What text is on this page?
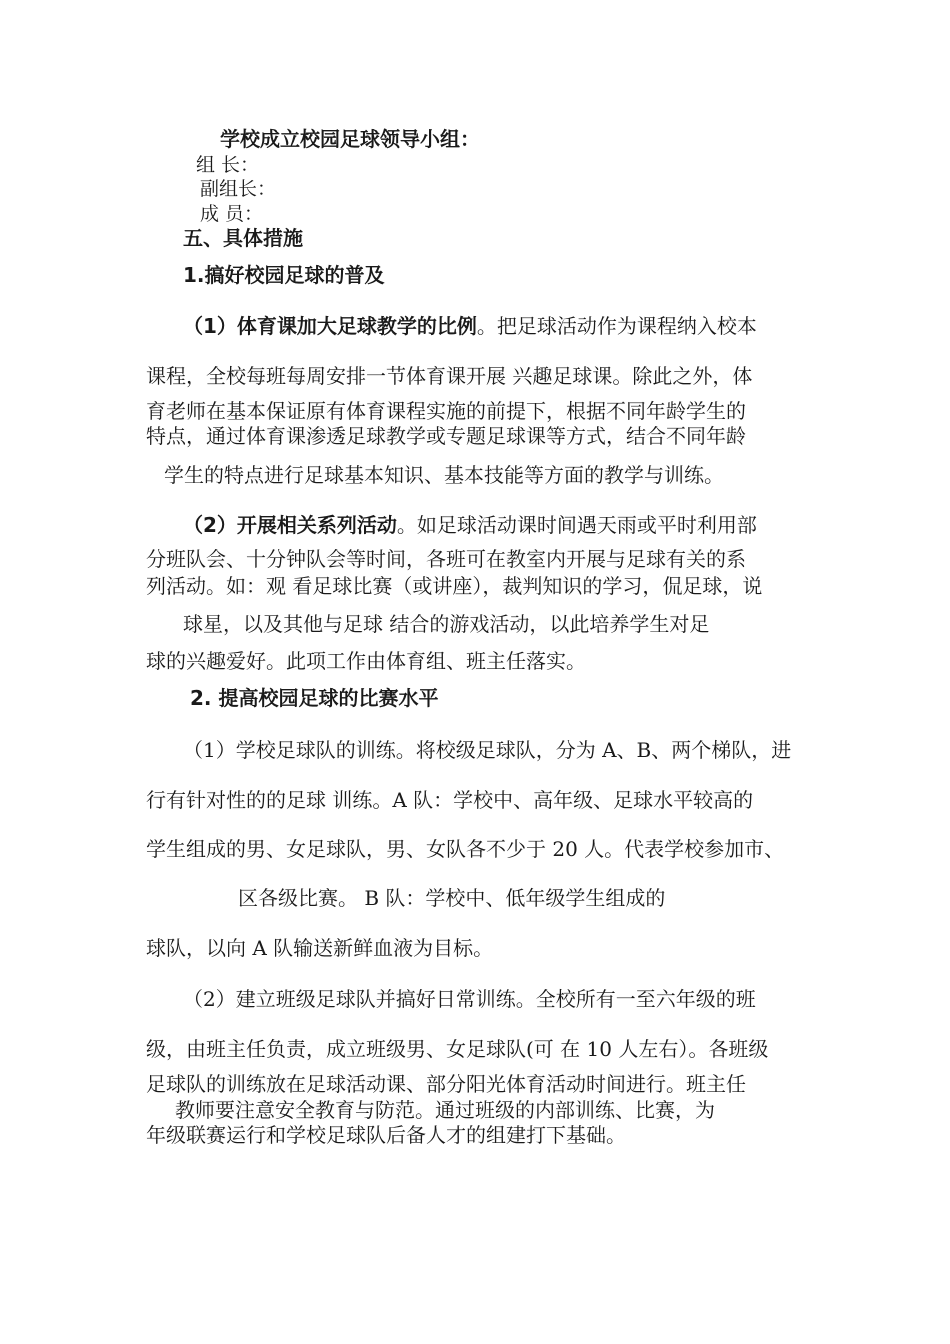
学校成立校园足球领导小组：
组 长：
副组长：
成 员：
五、具体措施
1.搞好校园足球的普及
（1）体育课加大足球教学的比例。把足球活动作为课程纳入校本
课程，全校每班每周安排一节体育课开展 兴趣足球课。除此之外，体
育老师在基本保证原有体育课程实施的前提下，根据不同年龄学生的
特点，通过体育课渗透足球教学或专题足球课等方式，结合不同年龄
学生的特点进行足球基本知识、基本技能等方面的教学与训练。
（2）开展相关系列活动。如足球活动课时间遇天雨或平时利用部
分班队会、十分钟队会等时间，各班可在教室内开展与足球有关的系
列活动。如：观 看足球比赛（或讲座），裁判知识的学习，侃足球，说
球星，以及其他与足球 结合的游戏活动，以此培养学生对足
球的兴趣爱好。此项工作由体育组、班主任落实。
2. 提高校园足球的比赛水平
（1）学校足球队的训练。将校级足球队，分为 A、B、两个梯队，进
行有针对性的的足球 训练。A 队：学校中、高年级、足球水平较高的
学生组成的男、女足球队，男、女队各不少于 20 人。代表学校参加市、
区各级比赛。 B 队：学校中、低年级学生组成的
球队，以向 A 队输送新鲜血液为目标。
（2）建立班级足球队并搞好日常训练。全校所有一至六年级的班
级，由班主任负责，成立班级男、女足球队(可 在 10 人左右）。各班级
足球队的训练放在足球活动课、部分阳光体育活动时间进行。班主任
教师要注意安全教育与防范。通过班级的内部训练、比赛，为
年级联赛运行和学校足球队后备人才的组建打下基础。
